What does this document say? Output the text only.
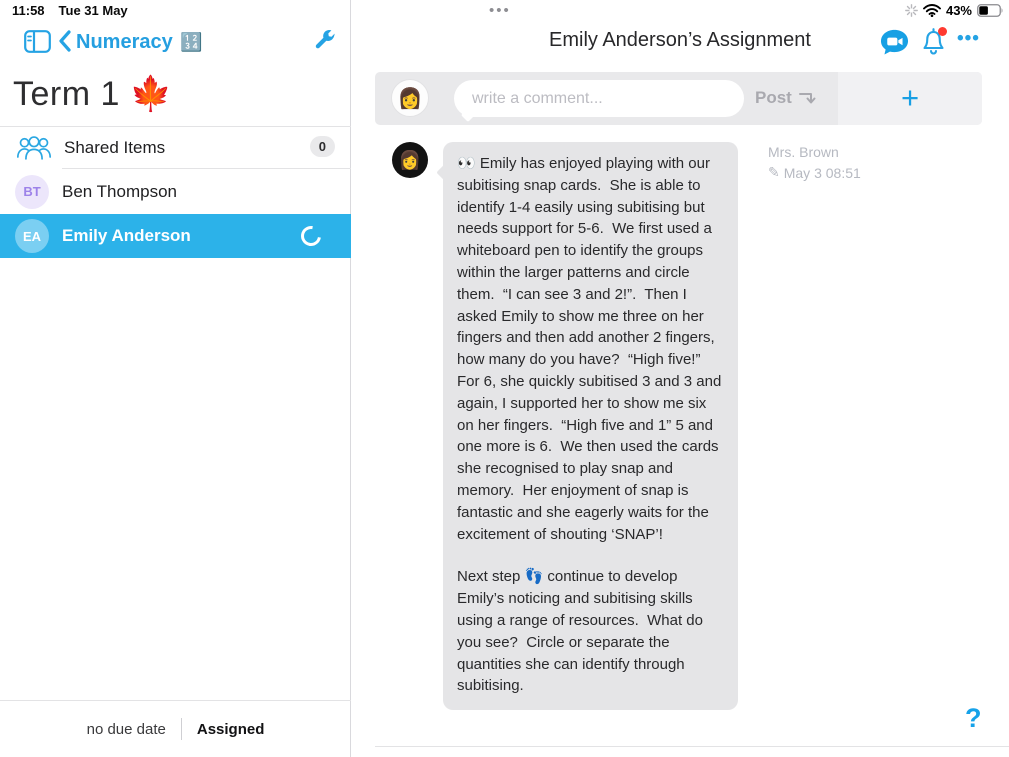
11:58 Tue 31 May
Numeracy 🔢
Term 1 🍁
Shared Items	0
BT	Ben Thompson
EA	Emily Anderson
no due date Assigned
•••	43%
Emily Anderson’s Assignment	•••
+
👩
write a comment...	Post
👩	👀 Emily has enjoyed playing with our subitising snap cards.  She is able to identify 1-4 easily using subitising but needs support for 5-6.  We first used a whiteboard pen to identify the groups within the larger patterns and circle them.  “I can see 3 and 2!”.  Then I asked Emily to show me three on her fingers and then add another 2 fingers, how many do you have?  “High five!” For 6, she quickly subitised 3 and 3 and again, I supported her to show me six on her fingers.  “High five and 1” 5 and one more is 6.  We then used the cards she recognised to play snap and memory.  Her enjoyment of snap is fantastic and she eagerly waits for the excitement of shouting ‘SNAP’!

Next step 👣 continue to develop Emily’s noticing and subitising skills using a range of resources.  What do you see?  Circle or separate the quantities she can identify through subitising.

Mrs. Brown
✎ May 3 08:51
?
